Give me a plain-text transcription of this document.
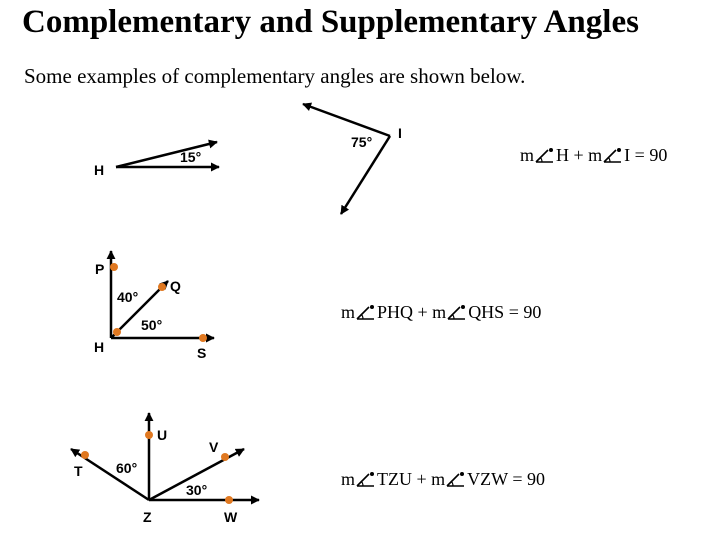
Complementary and Supplementary Angles

Some examples of complementary angles are shown below.

H
15°
75°
I
P
Q
H	S
40°
50°
U
T
V
Z	W
60°
30°
m H + m I = 90
m PHQ + m QHS = 90
m TZU + m VZW = 90
